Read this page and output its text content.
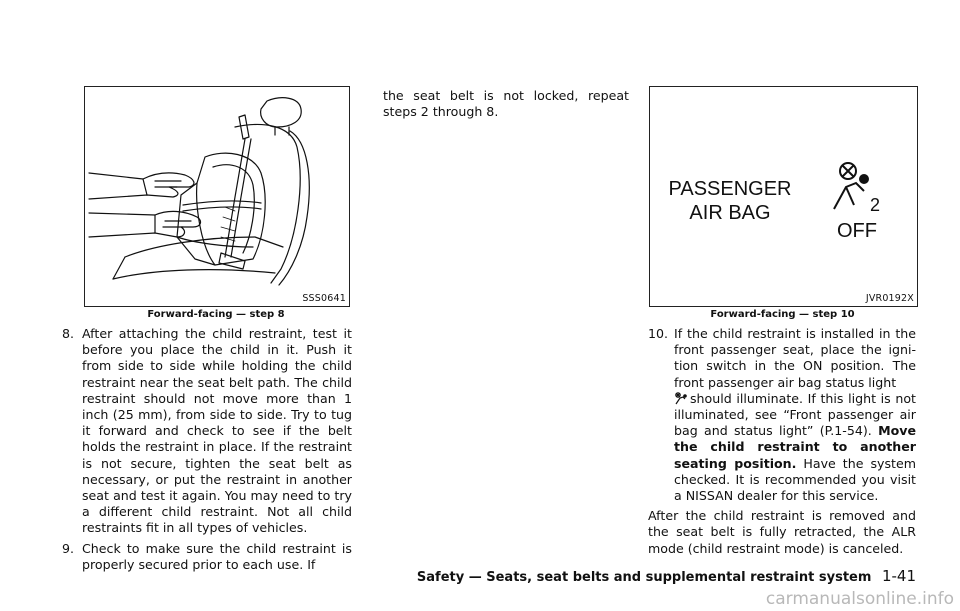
SSS0641
Forward-facing — step 8
PASSENGER
AIR BAG	2
OFF
JVR0192X
Forward-facing — step 10
8. After attaching the child restraint, test it before you place the child in it. Push it from side to side while holding the child restraint near the seat belt path. The child restraint should not move more than 1 inch (25 mm), from side to side. Try to tug it forward and check to see if the belt holds the restraint in place. If the restraint is not secure, tighten the seat belt as necessary, or put the restraint in another seat and test it again. You may need to try a different child restraint. Not all child restraints fit in all types of vehicles.
9. Check to make sure the child restraint is properly secured prior to each use. If
the seat belt is not locked, repeat steps 2 through 8.
10. If the child restraint is installed in the front passenger seat, place the igni-tion switch in the ON position. The front passenger air bag status light
should illuminate. If this light is not illuminated, see “Front passenger air bag and status light” (P.1-54). Move the child restraint to another seating position. Have the system checked. It is recommended you visit a NISSAN dealer for this service.
After the child restraint is removed and the seat belt is fully retracted, the ALR mode (child restraint mode) is canceled.
Safety — Seats, seat belts and supplemental restraint system 1-41
carmanualsonline.info
